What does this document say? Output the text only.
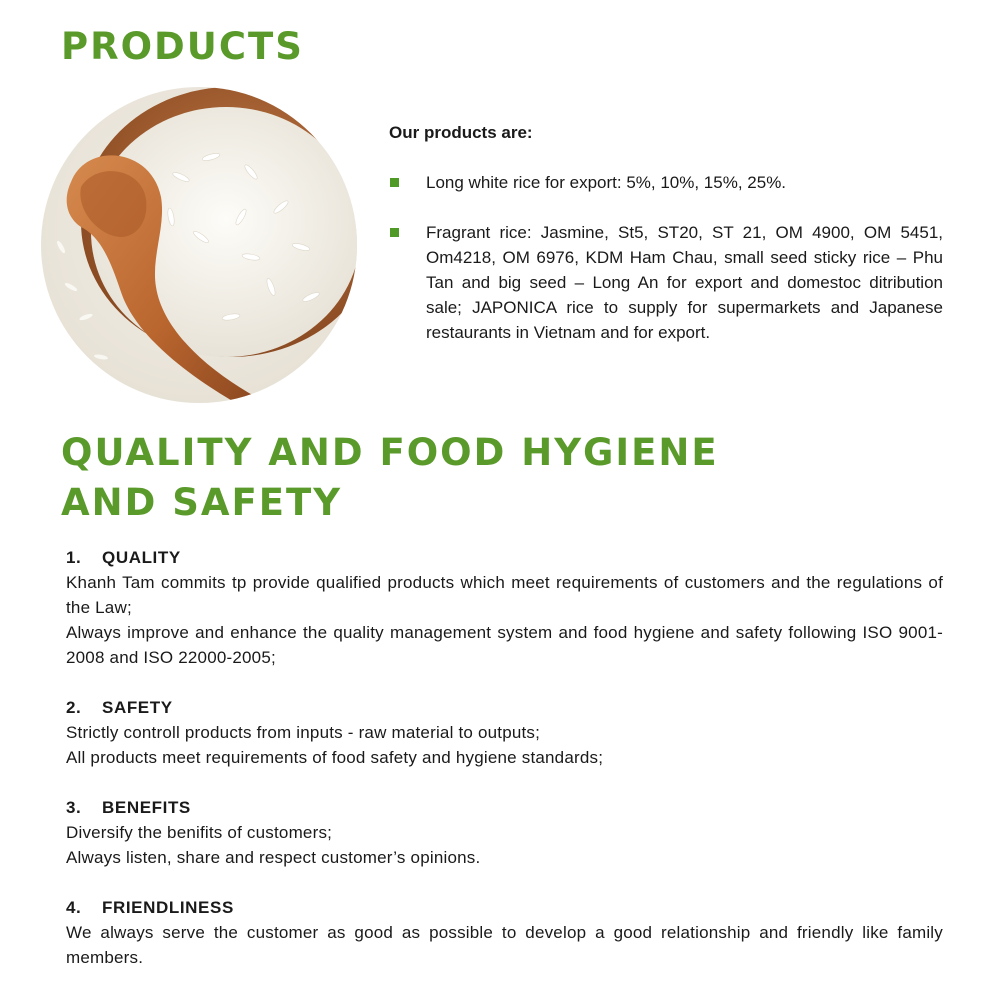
PRODUCTS

Our products are:

Long white rice for export: 5%, 10%, 15%, 25%.
Fragrant rice: Jasmine, St5, ST20, ST 21, OM 4900, OM 5451, Om4218, OM 6976, KDM Ham Chau, small seed sticky rice – Phu Tan and big seed – Long An for export and domestoc ditribution sale; JAPONICA rice to supply for supermarkets and Japanese restaurants in Vietnam and for export.
QUALITY AND FOOD HYGIENE
AND SAFETY
1. QUALITY
Khanh Tam commits tp provide qualified products which meet requirements of customers and the regulations of the Law;
Always improve and enhance the quality management system and food hygiene and safety following ISO 9001-2008 and ISO 22000-2005;
2. SAFETY
Strictly controll products from inputs - raw material to outputs;
All products meet requirements of food safety and hygiene standards;
3. BENEFITS
Diversify the benifits of customers;
Always listen, share and respect customer’s opinions.
4. FRIENDLINESS
We always serve the customer as good as possible to develop a good relationship and friendly like family members.
